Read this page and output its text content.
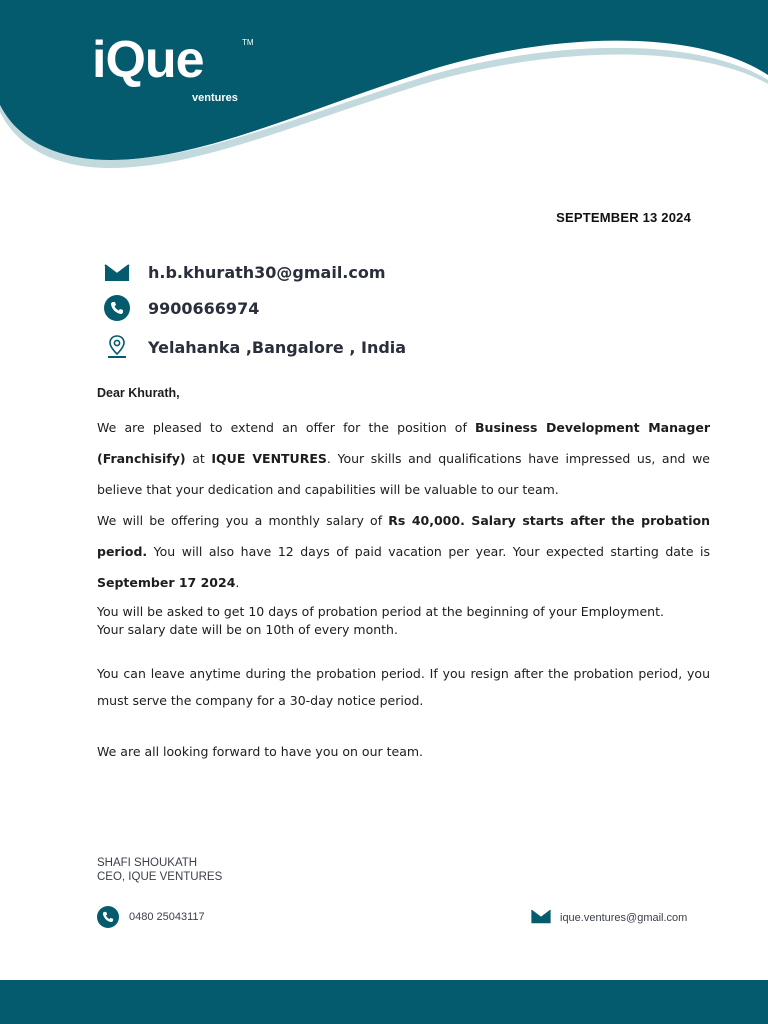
iQue	TM
ventures
SEPTEMBER 13 2024
h.b.khurath30@gmail.com
9900666974
Yelahanka ,Bangalore , India
Dear Khurath,
We are pleased to extend an offer for the position of Business Development Manager (Franchisify) at IQUE VENTURES. Your skills and qualifications have impressed us, and we believe that your dedication and capabilities will be valuable to our team.
We will be offering you a monthly salary of Rs 40,000. Salary starts after the probation period. You will also have 12 days of paid vacation per year. Your expected starting date is September 17 2024.
You will be asked to get 10 days of probation period at the beginning of your Employment.
Your salary date will be on 10th of every month.
You can leave anytime during the probation period. If you resign after the probation period, you must serve the company for a 30-day notice period.
We are all looking forward to have you on our team.
SHAFI SHOUKATH
CEO, IQUE VENTURES
0480 25043117	ique.ventures@gmail.com
